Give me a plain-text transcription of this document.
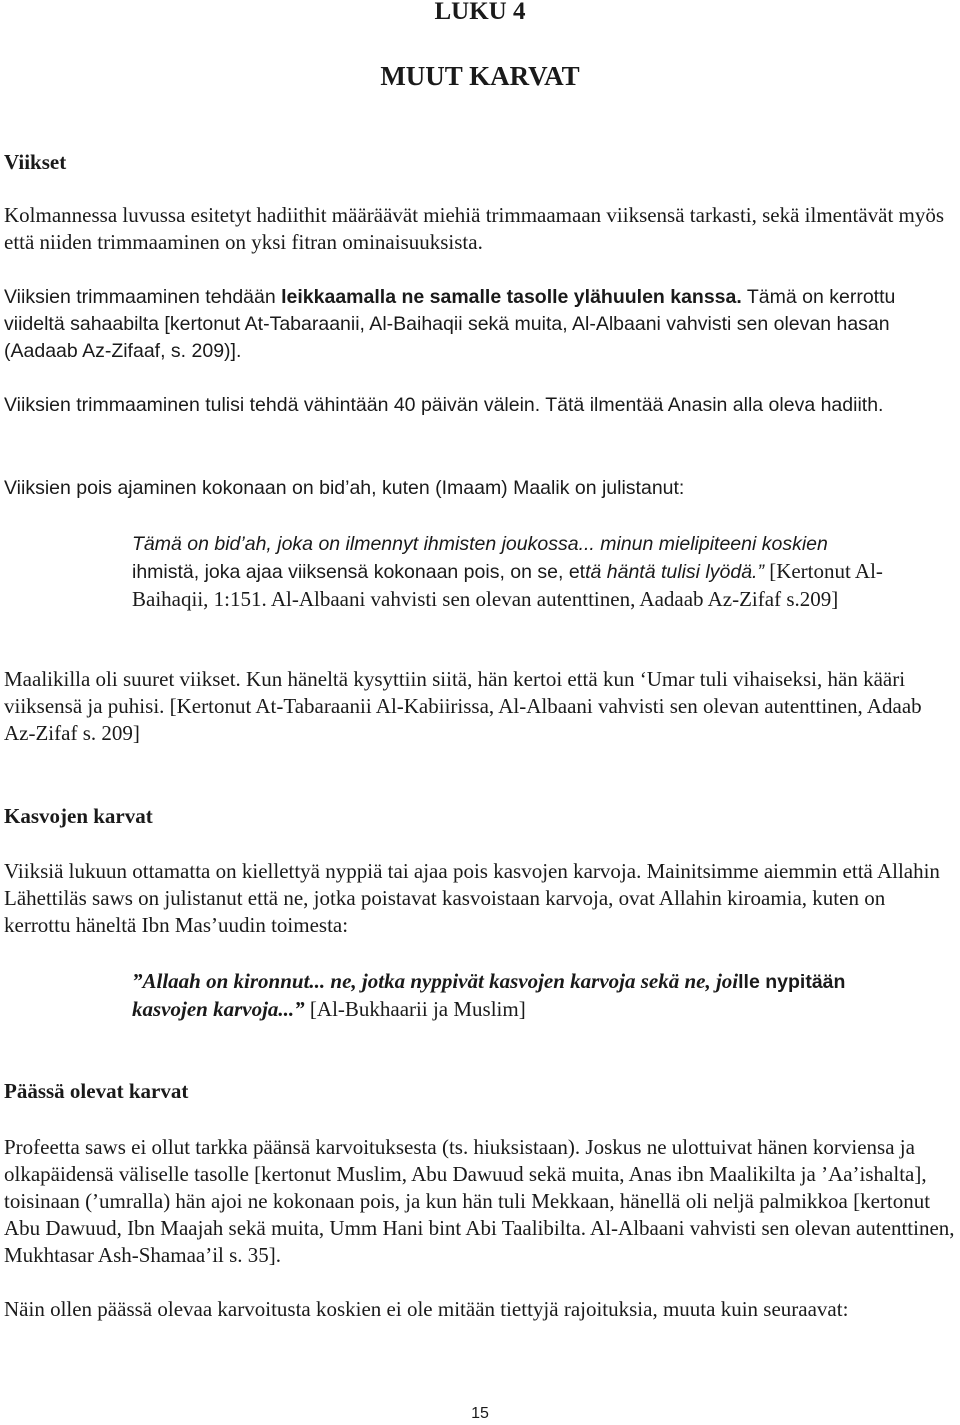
LUKU 4
MUUT KARVAT
Viikset
Kolmannessa luvussa esitetyt hadiithit määräävät miehiä trimmaamaan viiksensä tarkasti, sekä ilmentävät myös että niiden trimmaaminen on yksi fitran ominaisuuksista.
Viiksien trimmaaminen tehdään leikkaamalla ne samalle tasolle ylähuulen kanssa. Tämä on kerrottu viideltä sahaabilta [kertonut At-Tabaraanii, Al-Baihaqii sekä muita, Al-Albaani vahvisti sen olevan hasan (Aadaab Az-Zifaaf, s. 209)].
Viiksien trimmaaminen tulisi tehdä vähintään 40 päivän välein. Tätä ilmentää Anasin alla oleva hadiith.
Viiksien pois ajaminen kokonaan on bid’ah, kuten (Imaam) Maalik on julistanut:
Tämä on bid’ah, joka on ilmennyt ihmisten joukossa... minun mielipiteeni koskien
ihmistä, joka ajaa viiksensä kokonaan pois, on se, että häntä tulisi lyödä.” [Kertonut Al-Baihaqii, 1:151. Al-Albaani vahvisti sen olevan autenttinen, Aadaab Az-Zifaf s.209]
Maalikilla oli suuret viikset. Kun häneltä kysyttiin siitä, hän kertoi että kun ‘Umar tuli vihaiseksi, hän kääri viiksensä ja puhisi. [Kertonut At-Tabaraanii Al-Kabiirissa, Al-Albaani vahvisti sen olevan autenttinen, Adaab Az-Zifaf s. 209]
Kasvojen karvat
Viiksiä lukuun ottamatta on kiellettyä nyppiä tai ajaa pois kasvojen karvoja. Mainitsimme aiemmin että Allahin Lähettiläs saws on julistanut että ne, jotka poistavat kasvoistaan karvoja, ovat Allahin kiroamia, kuten on kerrottu häneltä Ibn Mas’uudin toimesta:
”Allaah on kironnut... ne, jotka nyppivät kasvojen karvoja sekä ne, joille nypitään
kasvojen karvoja...” [Al-Bukhaarii ja Muslim]
Päässä olevat karvat
Profeetta saws ei ollut tarkka päänsä karvoituksesta (ts. hiuksistaan). Joskus ne ulottuivat hänen korviensa ja olkapäidensä väliselle tasolle [kertonut Muslim, Abu Dawuud sekä muita, Anas ibn Maalikilta ja ’Aa’ishalta], toisinaan (’umralla) hän ajoi ne kokonaan pois, ja kun hän tuli Mekkaan, hänellä oli neljä palmikkoa [kertonut Abu Dawuud, Ibn Maajah sekä muita, Umm Hani bint Abi Taalibilta. Al-Albaani vahvisti sen olevan autenttinen, Mukhtasar Ash-Shamaa’il s. 35].
Näin ollen päässä olevaa karvoitusta koskien ei ole mitään tiettyjä rajoituksia, muuta kuin seuraavat:
15
